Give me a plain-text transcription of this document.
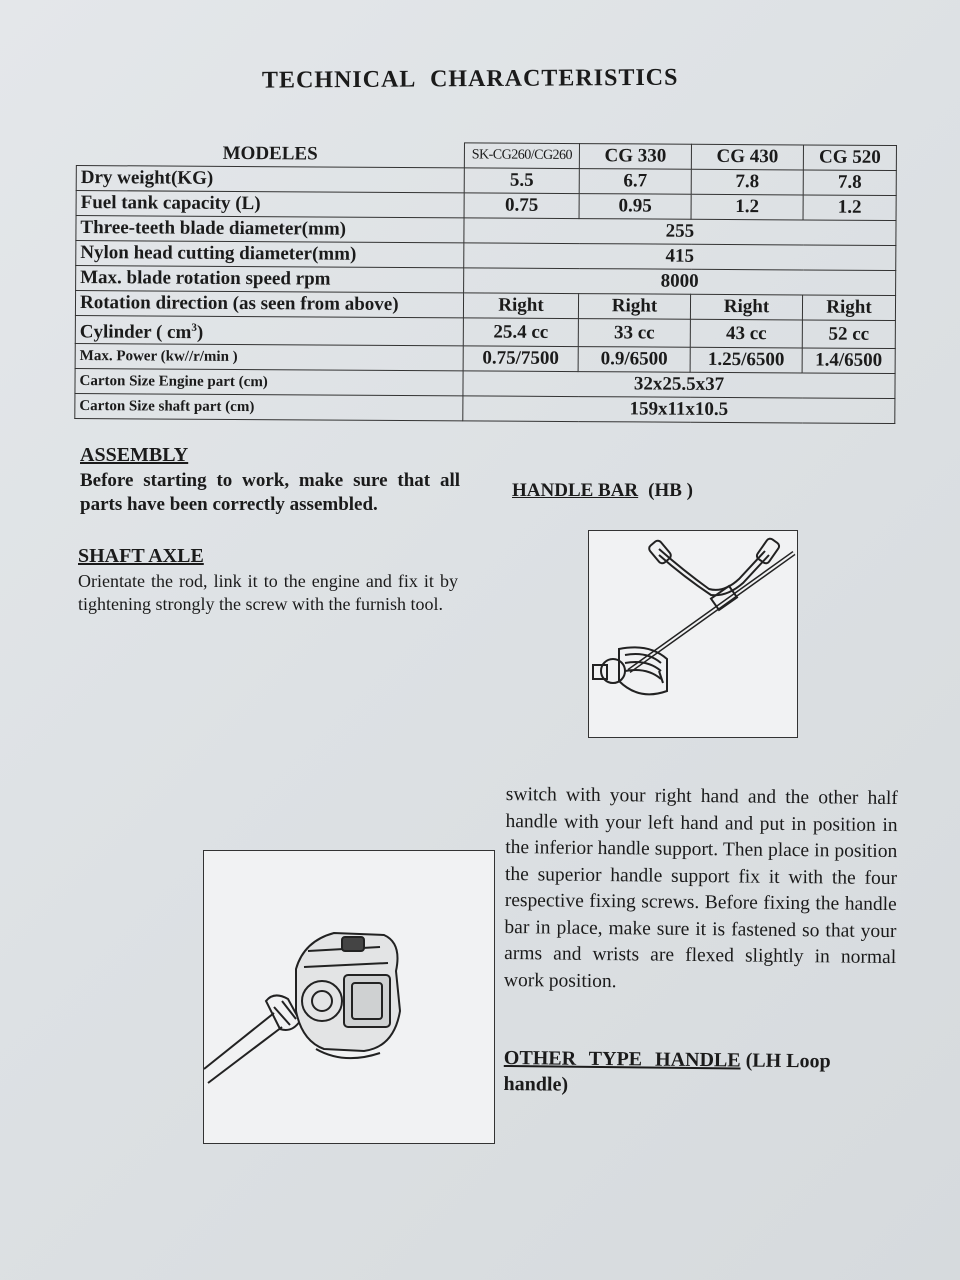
TECHNICAL CHARACTERISTICS
MODELES	SK-CG260/CG260	CG 330	CG 430	CG 520
Dry weight(KG)	5.5	6.7	7.8	7.8
Fuel tank capacity (L)	0.75	0.95	1.2	1.2
Three-teeth blade diameter(mm)	255			
Nylon head cutting diameter(mm)	415			
Max. blade rotation speed rpm	8000			
Rotation direction (as seen from above)	Right	Right	Right	Right
Cylinder ( $cm^3$)	25.4 cc	33 cc	43 cc	52 cc
Max. Power (kw//r/min )	0.75/7500	0.9/6500	1.25/6500	1.4/6500
Carton Size Engine part (cm)	32x25.5x37			
Carton Size shaft part (cm)	159x11x10.5			
ASSEMBLY
Before starting to work, make sure that all parts have been correctly assembled.
SHAFT AXLE
Orientate the rod, link it to the engine and fix it by tightening strongly the screw with the furnish tool.
HANDLE BAR (HB )
switch with your right hand and the other half handle with your left hand and put in position in the inferior handle support. Then place in position the superior handle support fix it with the four respective fixing screws. Before fixing the handle bar in place, make sure it is fastened so that your arms and wrists are flexed slightly in normal work position.
OTHER TYPE HANDLE (LH Loop handle)
